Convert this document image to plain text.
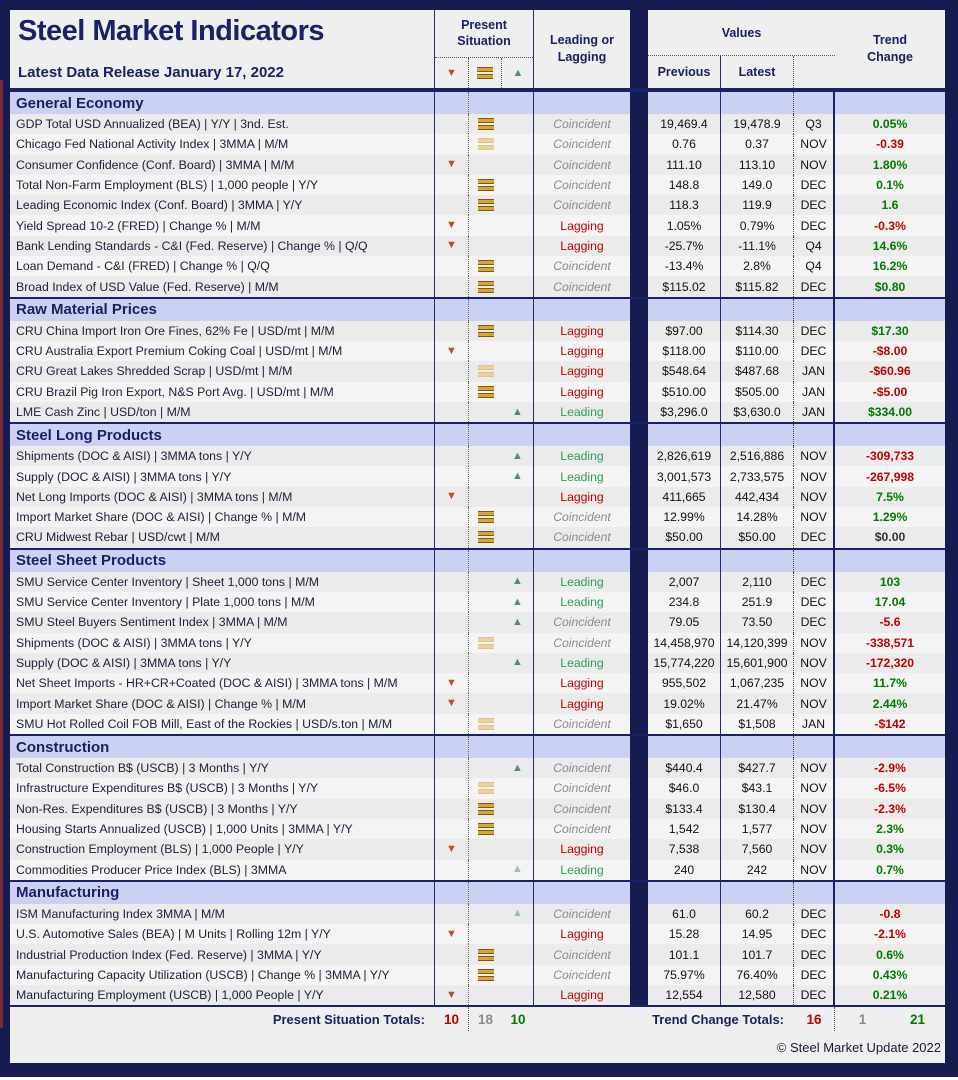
Steel Market Indicators
Latest Data Release January 17, 2022
Present Situation
▼	▲
Leading or Lagging
Values
Previous	Latest
Trend Change
General Economy
GDP Total USD Annualized (BEA) | Y/Y | 3nd. Est.	Coincident	19,469.4	19,478.9	Q3	0.05%
Chicago Fed National Activity Index | 3MMA | M/M	Coincident	0.76	0.37	NOV	-0.39
Consumer Confidence (Conf. Board) | 3MMA | M/M	▼	Coincident	111.10	113.10	NOV	1.80%
Total Non-Farm Employment (BLS) | 1,000 people | Y/Y	Coincident	148.8	149.0	DEC	0.1%
Leading Economic Index (Conf. Board) | 3MMA | Y/Y	Coincident	118.3	119.9	DEC	1.6
Yield Spread 10-2 (FRED) | Change % | M/M	▼	Lagging	1.05%	0.79%	DEC	-0.3%
Bank Lending Standards - C&I (Fed. Reserve) | Change % | Q/Q	▼	Lagging	-25.7%	-11.1%	Q4	14.6%
Loan Demand - C&I (FRED) | Change % | Q/Q	Coincident	-13.4%	2.8%	Q4	16.2%
Broad Index of USD Value (Fed. Reserve) | M/M	Coincident	$115.02	$115.82	DEC	$0.80
Raw Material Prices
CRU China Import Iron Ore Fines, 62% Fe | USD/mt | M/M	Lagging	$97.00	$114.30	DEC	$17.30
CRU Australia Export Premium Coking Coal | USD/mt | M/M	▼	Lagging	$118.00	$110.00	DEC	-$8.00
CRU Great Lakes Shredded Scrap | USD/mt | M/M	Lagging	$548.64	$487.68	JAN	-$60.96
CRU Brazil Pig Iron Export, N&S Port Avg. | USD/mt | M/M	Lagging	$510.00	$505.00	JAN	-$5.00
LME Cash Zinc | USD/ton | M/M	▲	Leading	$3,296.0	$3,630.0	JAN	$334.00
Steel Long Products
Shipments (DOC & AISI) | 3MMA tons | Y/Y	▲	Leading	2,826,619	2,516,886	NOV	-309,733
Supply (DOC & AISI) | 3MMA tons | Y/Y	▲	Leading	3,001,573	2,733,575	NOV	-267,998
Net Long Imports (DOC & AISI) | 3MMA tons | M/M	▼	Lagging	411,665	442,434	NOV	7.5%
Import Market Share (DOC & AISI) | Change % | M/M	Coincident	12.99%	14.28%	NOV	1.29%
CRU Midwest Rebar | USD/cwt | M/M	Coincident	$50.00	$50.00	DEC	$0.00
Steel Sheet Products
SMU Service Center Inventory | Sheet 1,000 tons | M/M	▲	Leading	2,007	2,110	DEC	103
SMU Service Center Inventory | Plate 1,000 tons | M/M	▲	Leading	234.8	251.9	DEC	17.04
SMU Steel Buyers Sentiment Index | 3MMA | M/M	▲	Coincident	79.05	73.50	DEC	-5.6
Shipments (DOC & AISI) | 3MMA tons | Y/Y	Coincident	14,458,970 14,120,399	NOV	-338,571
Supply (DOC & AISI) | 3MMA tons | Y/Y	▲	Leading	15,774,220 15,601,900	NOV	-172,320
Net Sheet Imports - HR+CR+Coated (DOC & AISI) | 3MMA tons | M/M	▼	Lagging	955,502	1,067,235	NOV	11.7%
Import Market Share (DOC & AISI) | Change % | M/M	▼	Lagging	19.02%	21.47%	NOV	2.44%
SMU Hot Rolled Coil FOB Mill, East of the Rockies | USD/s.ton | M/M	Coincident	$1,650	$1,508	JAN	-$142
Construction
Total Construction B$ (USCB) | 3 Months | Y/Y	▲	Coincident	$440.4	$427.7	NOV	-2.9%
Infrastructure Expenditures B$ (USCB) | 3 Months | Y/Y	Coincident	$46.0	$43.1	NOV	-6.5%
Non-Res. Expenditures B$ (USCB) | 3 Months | Y/Y	Coincident	$133.4	$130.4	NOV	-2.3%
Housing Starts Annualized (USCB) | 1,000 Units | 3MMA | Y/Y	Coincident	1,542	1,577	NOV	2.3%
Construction Employment (BLS) | 1,000 People | Y/Y	▼	Lagging	7,538	7,560	NOV	0.3%
Commodities Producer Price Index (BLS) | 3MMA	▲	Leading	240	242	NOV	0.7%
Manufacturing
ISM Manufacturing Index 3MMA | M/M	▲	Coincident	61.0	60.2	DEC	-0.8
U.S. Automotive Sales (BEA) | M Units | Rolling 12m | Y/Y	▼	Lagging	15.28	14.95	DEC	-2.1%
Industrial Production Index (Fed. Reserve) | 3MMA | Y/Y	Coincident	101.1	101.7	DEC	0.6%
Manufacturing Capacity Utilization (USCB) | Change % | 3MMA | Y/Y	Coincident	75.97%	76.40%	DEC	0.43%
Manufacturing Employment (USCB) | 1,000 People | Y/Y	▼	Lagging	12,554	12,580	DEC	0.21%
Present Situation Totals:	10	18	10	Trend Change Totals:	16	1	21
© Steel Market Update 2022
